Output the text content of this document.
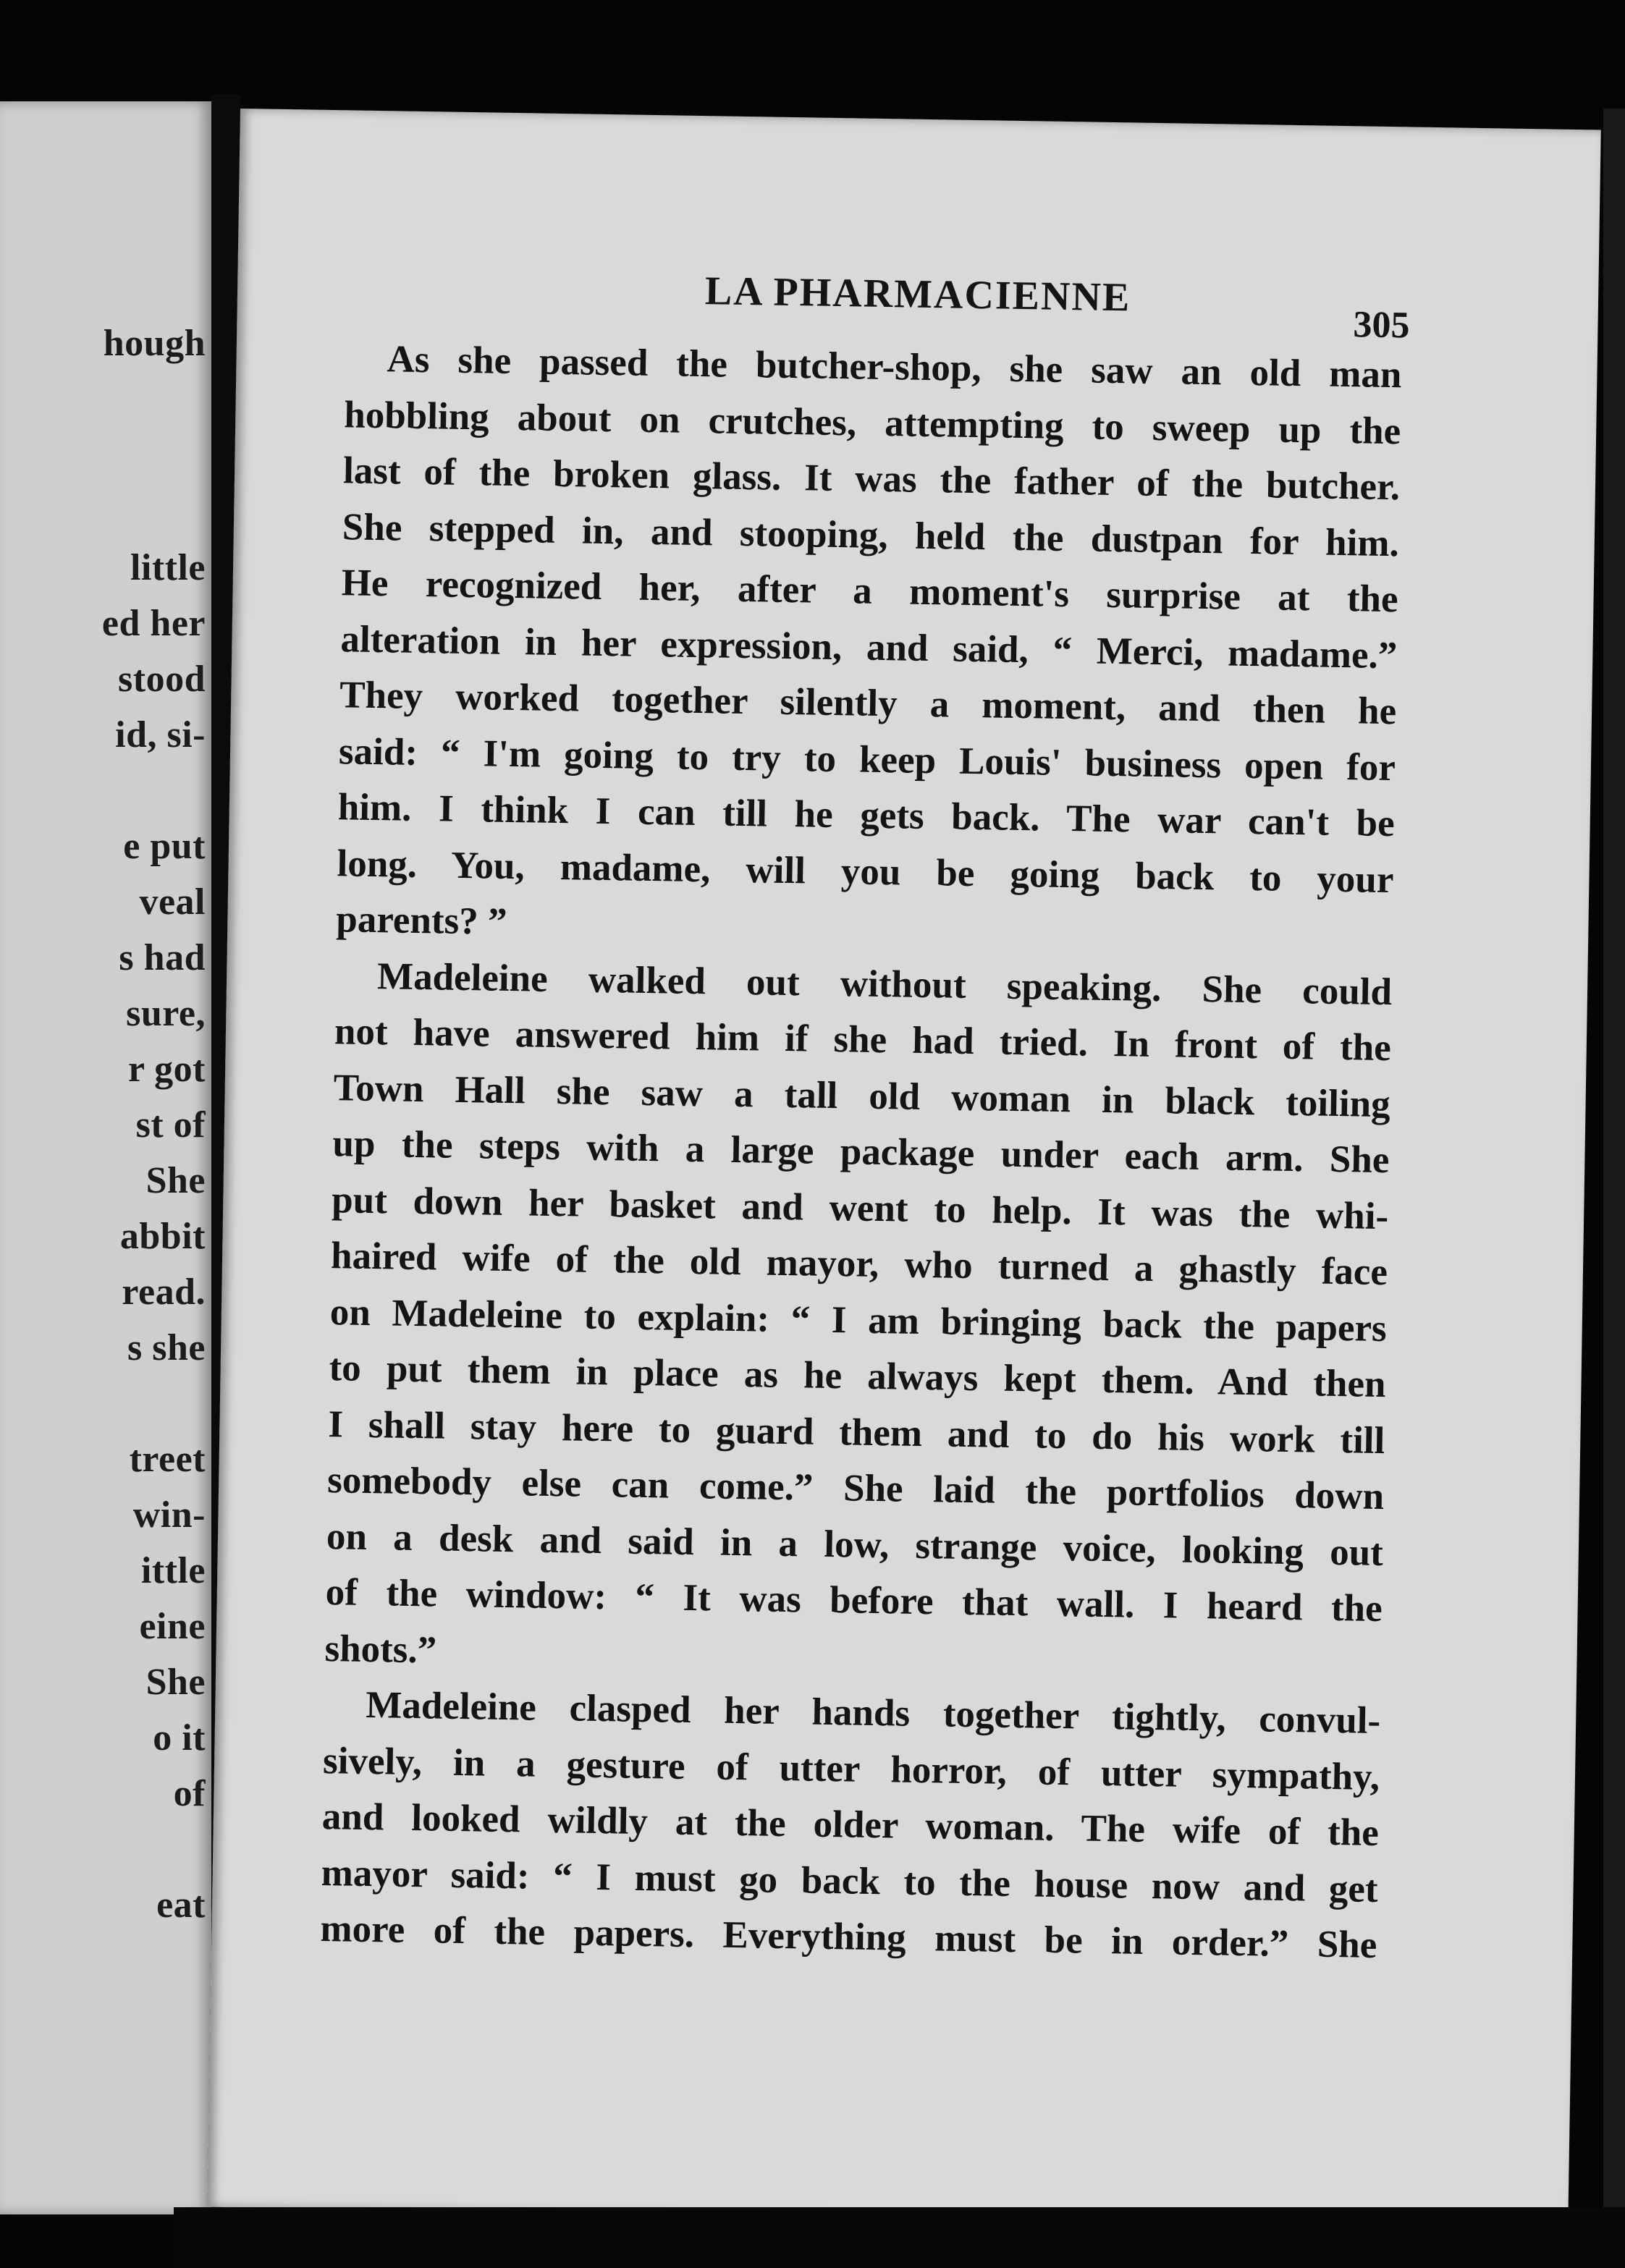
hough
little
ed her
stood
id, si-
e put
veal
s had
sure,
r got
st of
She
abbit
read.
s she
treet
win-
ittle
eine
She
o it
of
eat
LA PHARMACIENNE
305
As she passed the butcher-shop, she saw an old man
hobbling about on crutches, attempting to sweep up the
last of the broken glass. It was the father of the butcher.
She stepped in, and stooping, held the dustpan for him.
He recognized her, after a moment's surprise at the
alteration in her expression, and said, “ Merci, madame.”
They worked together silently a moment, and then he
said: “ I'm going to try to keep Louis' business open for
him. I think I can till he gets back. The war can't be
long. You, madame, will you be going back to your
parents? ”
Madeleine walked out without speaking. She could
not have answered him if she had tried. In front of the
Town Hall she saw a tall old woman in black toiling
up the steps with a large package under each arm. She
put down her basket and went to help. It was the whi-
haired wife of the old mayor, who turned a ghastly face
on Madeleine to explain: “ I am bringing back the papers
to put them in place as he always kept them. And then
I shall stay here to guard them and to do his work till
somebody else can come.” She laid the portfolios down
on a desk and said in a low, strange voice, looking out
of the window: “ It was before that wall. I heard the
shots.”
Madeleine clasped her hands together tightly, convul-
sively, in a gesture of utter horror, of utter sympathy,
and looked wildly at the older woman. The wife of the
mayor said: “ I must go back to the house now and get
more of the papers. Everything must be in order.” She
